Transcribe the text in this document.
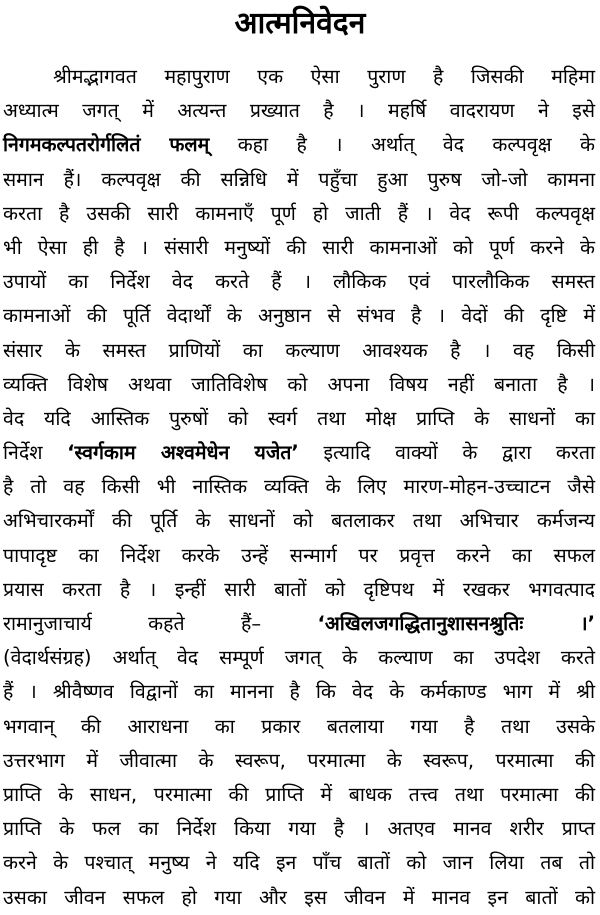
आत्मनिवेदन
श्रीमद्भागवत महापुराण एक ऐसा पुराण है जिसकी महिमा
अध्यात्म जगत् में अत्यन्त प्रख्यात है । महर्षि वादरायण ने इसे
निगमकल्पतरोर्गलितं फलम् कहा है । अर्थात् वेद कल्पवृक्ष के
समान हैं। कल्पवृक्ष की सन्निधि में पहुँचा हुआ पुरुष जो-जो कामना
करता है उसकी सारी कामनाएँ पूर्ण हो जाती हैं । वेद रूपी कल्पवृक्ष
भी ऐसा ही है । संसारी मनुष्यों की सारी कामनाओं को पूर्ण करने के
उपायों का निर्देश वेद करते हैं । लौकिक एवं पारलौकिक समस्त
कामनाओं की पूर्ति वेदार्थों के अनुष्ठान से संभव है । वेदों की दृष्टि में
संसार के समस्त प्राणियों का कल्याण आवश्यक है । वह किसी
व्यक्ति विशेष अथवा जातिविशेष को अपना विषय नहीं बनाता है ।
वेद यदि आस्तिक पुरुषों को स्वर्ग तथा मोक्ष प्राप्ति के साधनों का
निर्देश ‘स्वर्गकाम अश्वमेधेन यजेत’ इत्यादि वाक्यों के द्वारा करता
है तो वह किसी भी नास्तिक व्यक्ति के लिए मारण-मोहन-उच्चाटन जैसे
अभिचारकर्मों की पूर्ति के साधनों को बतलाकर तथा अभिचार कर्मजन्य
पापादृष्ट का निर्देश करके उन्हें सन्मार्ग पर प्रवृत्त करने का सफल
प्रयास करता है । इन्हीं सारी बातों को दृष्टिपथ में रखकर भगवत्पाद
रामानुजाचार्य कहते हैं– ‘अखिलजगद्धितानुशासनश्रुतिः ।’
(वेदार्थसंग्रह) अर्थात् वेद सम्पूर्ण जगत् के कल्याण का उपदेश करते
हैं । श्रीवैष्णव विद्वानों का मानना है कि वेद के कर्मकाण्ड भाग में श्री
भगवान् की आराधना का प्रकार बतलाया गया है तथा उसके
उत्तरभाग में जीवात्मा के स्वरूप, परमात्मा के स्वरूप, परमात्मा की
प्राप्ति के साधन, परमात्मा की प्राप्ति में बाधक तत्त्व तथा परमात्मा की
प्राप्ति के फल का निर्देश किया गया है । अतएव मानव शरीर प्राप्त
करने के पश्चात् मनुष्य ने यदि इन पाँच बातों को जान लिया तब तो
उसका जीवन सफल हो गया और इस जीवन में मानव इन बातों को
